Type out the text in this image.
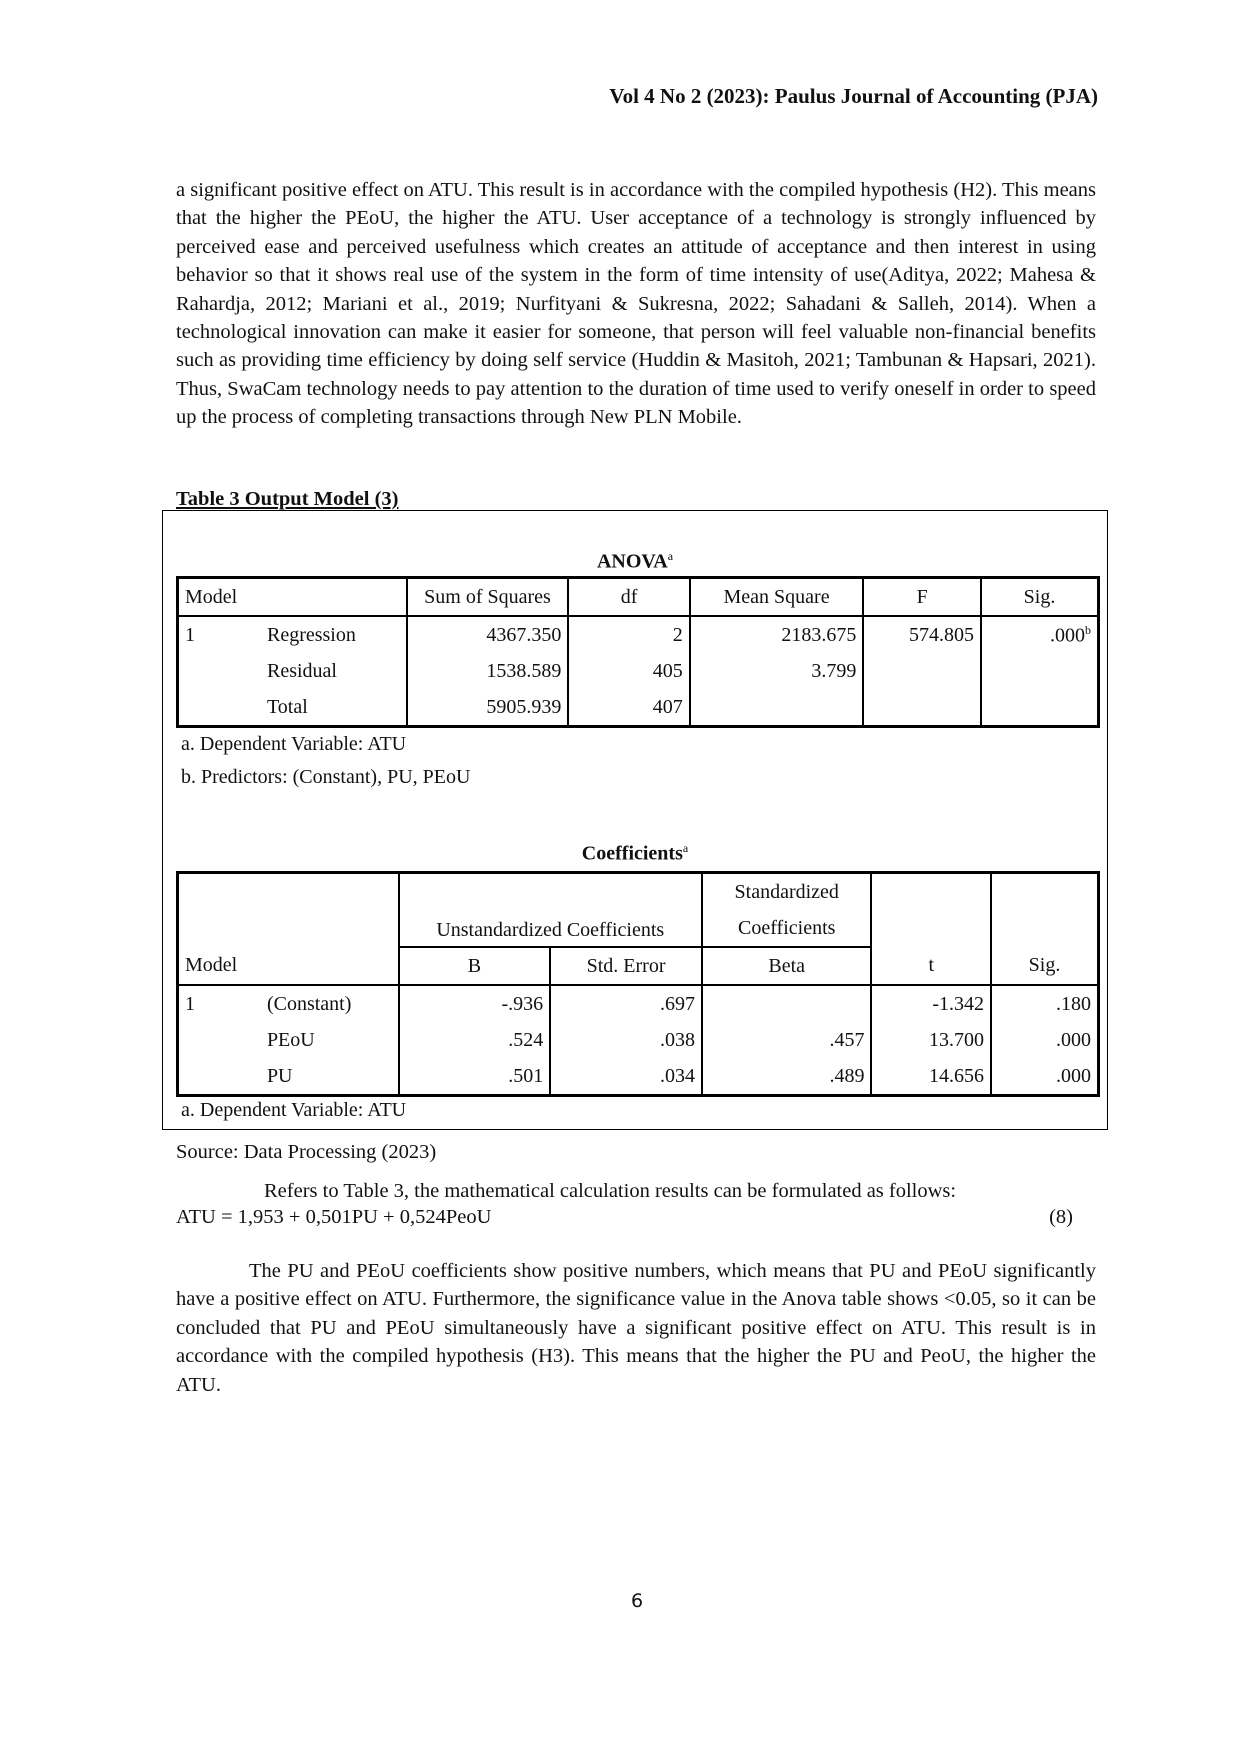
Vol 4 No 2 (2023): Paulus Journal of Accounting (PJA)

a significant positive effect on ATU. This result is in accordance with the compiled hypothesis (H2). This means that the higher the PEoU, the higher the ATU. User acceptance of a technology is strongly influenced by perceived ease and perceived usefulness which creates an attitude of acceptance and then interest in using behavior so that it shows real use of the system in the form of time intensity of use(Aditya, 2022; Mahesa & Rahardja, 2012; Mariani et al., 2019; Nurfityani & Sukresna, 2022; Sahadani & Salleh, 2014). When a technological innovation can make it easier for someone, that person will feel valuable non-financial benefits such as providing time efficiency by doing self service (Huddin & Masitoh, 2021; Tambunan & Hapsari, 2021). Thus, SwaCam technology needs to pay attention to the duration of time used to verify oneself in order to speed up the process of completing transactions through New PLN Mobile.

Table 3 Output Model (3)
ANOVA$^a$
Model		Sum of Squares	df	Mean Square	F	Sig.
1	Regression	4367.350	2	2183.675	574.805	.000$^b$
	Residual	1538.589	405	3.799		
	Total	5905.939	407			
a. Dependent Variable: ATU
b. Predictors: (Constant), PU, PEoU
Coefficients$^a$
		Unstandardized Coefficients		Standardized		
				Coefficients		
Model		B	Std. Error	Beta	t	Sig.
1	(Constant)	-.936	.697		-1.342	.180
	PEoU	.524	.038	.457	13.700	.000
	PU	.501	.034	.489	14.656	.000
a. Dependent Variable: ATU
Source: Data Processing (2023)
Refers to Table 3, the mathematical calculation results can be formulated as follows:
ATU = 1,953 + 0,501PU + 0,524PeoU	(8)

The PU and PEoU coefficients show positive numbers, which means that PU and PEoU significantly have a positive effect on ATU. Furthermore, the significance value in the Anova table shows <0.05, so it can be concluded that PU and PEoU simultaneously have a significant positive effect on ATU. This result is in accordance with the compiled hypothesis (H3). This means that the higher the PU and PeoU, the higher the ATU.

6
